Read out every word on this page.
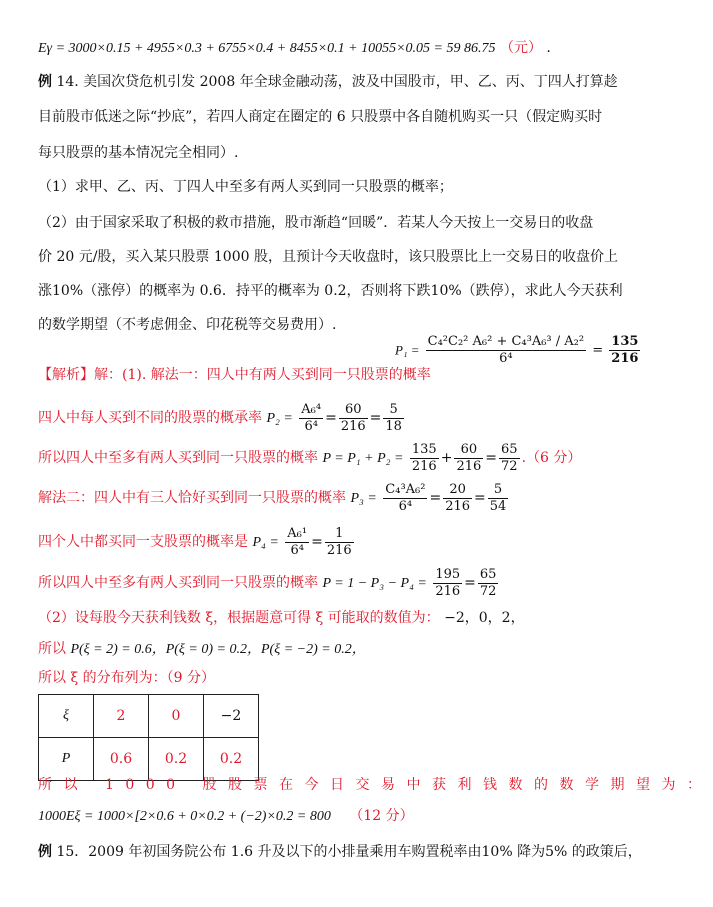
Eγ = 3000×0.15 + 4955×0.3 + 6755×0.4 + 8455×0.1 + 10055×0.05 = 59 86.75 （元） .
例 14. 美国次贷危机引发 2008 年全球金融动荡，波及中国股市，甲、乙、丙、丁四人打算趁
目前股市低迷之际“抄底”，若四人商定在圈定的 6 只股票中各自随机购买一只（假定购买时
每只股票的基本情况完全相同）.
（1）求甲、乙、丙、丁四人中至多有两人买到同一只股票的概率；
（2）由于国家采取了积极的救市措施，股市渐趋“回暖”．若某人今天按上一交易日的收盘
价 20 元/股，买入某只股票 1000 股，且预计今天收盘时，该只股票比上一交易日的收盘价上
涨10%（涨停）的概率为 0.6．持平的概率为 0.2，否则将下跌10%（跌停），求此人今天获利
的数学期望（不考虑佣金、印花税等交易费用）.
【解析】解：(1). 解法一：四人中有两人买到同一只股票的概率
$P_1 = \frac{\text{C₄²C₂² A₆² + C₄³A₆³ / A₂²}}{\text{6⁴}} = \frac{135}{216}$
四人中每人买到不同的股票的概承率 $P_2 = \frac{\text{A₆⁴}}{\text{6⁴}} = \frac{60}{216} = \frac{5}{18}$
所以四人中至多有两人买到同一只股票的概率 $P = P_1 + P_2 = \frac{135}{216} + \frac{60}{216} = \frac{65}{72} .(6$ 分）
解法二：四人中有三人恰好买到同一只股票的概率 $P_3 = \frac{\text{C₄³A₆²}}{\text{6⁴}} = \frac{20}{216} = \frac{5}{54}$
四个人中都买同一支股票的概率是 $P_4 = \frac{\text{A₆¹}}{\text{6⁴}} = \frac{1}{216}$
所以四人中至多有两人买到同一只股票的概率 $P = 1 - P_3 - P_4 = \frac{195}{216} = \frac{65}{72}$
（2）设每股今天获利钱数 ξ，根据题意可得 ξ 可能取的数值为： −2，0，2，
所以 P(ξ = 2) = 0.6，P(ξ = 0) = 0.2，P(ξ = −2) = 0.2，
所以 ξ 的分布列为：（9 分）
ξ	2	0	−2
P	0.6	0.2	0.2
所以 1000 股股票在今日交易中获利钱数的数学期望为：
1000Eξ = 1000×[2×0.6 + 0×0.2 + (−2)×0.2 = 800 （12 分）
例 15．2009 年初国务院公布 1.6 升及以下的小排量乘用车购置税率由10% 降为5% 的政策后，
